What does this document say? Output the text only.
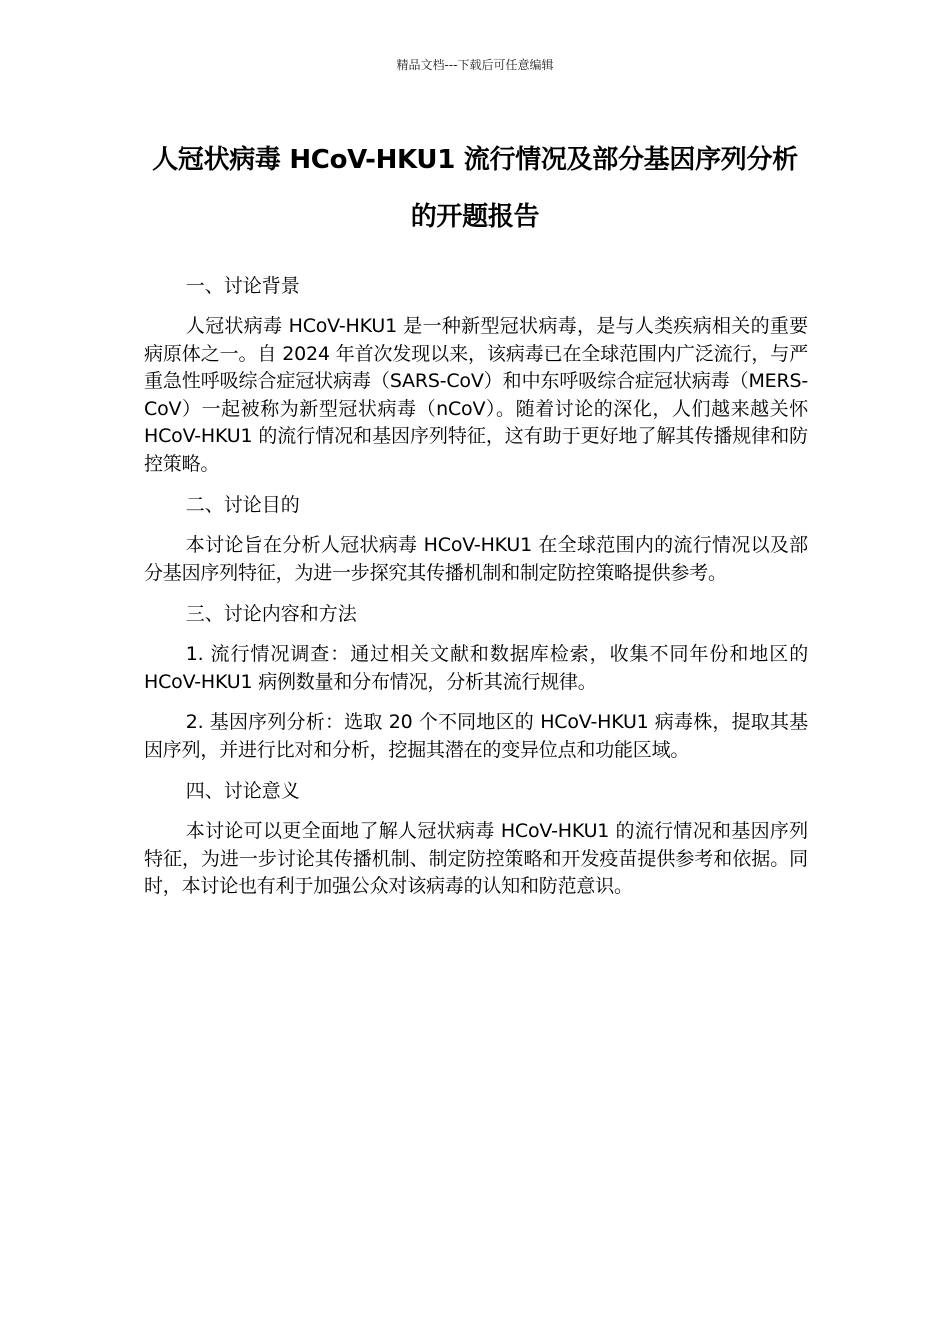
精品文档---下载后可任意编辑
人冠状病毒 HCoV-HKU1 流行情况及部分基因序列分析的开题报告

一、讨论背景

人冠状病毒 HCoV-HKU1 是一种新型冠状病毒，是与人类疾病相关的重要病原体之一。自 2024 年首次发现以来，该病毒已在全球范围内广泛流行，与严重急性呼吸综合症冠状病毒（SARS-CoV）和中东呼吸综合症冠状病毒（MERS-CoV）一起被称为新型冠状病毒（nCoV）。随着讨论的深化，人们越来越关怀 HCoV-HKU1 的流行情况和基因序列特征，这有助于更好地了解其传播规律和防控策略。

二、讨论目的

本讨论旨在分析人冠状病毒 HCoV-HKU1 在全球范围内的流行情况以及部分基因序列特征，为进一步探究其传播机制和制定防控策略提供参考。

三、讨论内容和方法

1. 流行情况调查：通过相关文献和数据库检索，收集不同年份和地区的 HCoV-HKU1 病例数量和分布情况，分析其流行规律。

2. 基因序列分析：选取 20 个不同地区的 HCoV-HKU1 病毒株，提取其基因序列，并进行比对和分析，挖掘其潜在的变异位点和功能区域。

四、讨论意义

本讨论可以更全面地了解人冠状病毒 HCoV-HKU1 的流行情况和基因序列特征，为进一步讨论其传播机制、制定防控策略和开发疫苗提供参考和依据。同时，本讨论也有利于加强公众对该病毒的认知和防范意识。
